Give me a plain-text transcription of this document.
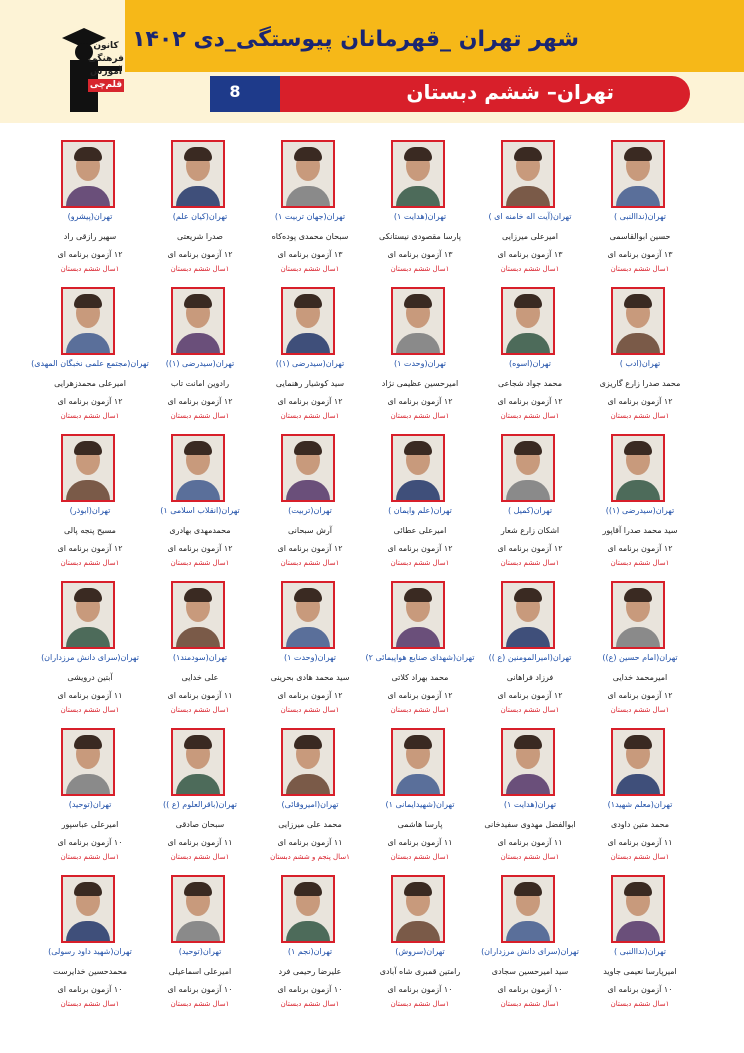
شهر تهران _قهرمانان پیوستگی_دی ۱۴۰۲
کانون
فرهنگی
آموزش
قلم‌چی	تهران– ششم دبستان
8
تهران(ندا‌النبی )
حسین ابوالقاسمی
۱۳ آزمون برنامه ای
۱سال ششم دبستان
تهران(آیت اله خامنه ای )
امیرعلی میرزایی
۱۳ آزمون برنامه ای
۱سال ششم دبستان
تهران(هدایت ۱)
پارسا مقصودی نیستانکی
۱۳ آزمون برنامه ای
۱سال ششم دبستان
تهران(جهان تربیت ۱)
سبحان محمدی پوده‌کاه
۱۳ آزمون برنامه ای
۱سال ششم دبستان
تهران(کیان علم)
صدرا شریعتی
۱۲ آزمون برنامه ای
۱سال ششم دبستان
تهران(پیشرو)
سهیر رازقی راد
۱۲ آزمون برنامه ای
۱سال ششم دبستان
تهران(ادب )
محمد صدرا زارع گاریزی
۱۲ آزمون برنامه ای
۱سال ششم دبستان
تهران(اسوه)
محمد جواد شجاعی
۱۲ آزمون برنامه ای
۱سال ششم دبستان
تهران(وحدت ۱)
امیرحسین عظیمی نژاد
۱۲ آزمون برنامه ای
۱سال ششم دبستان
تهران(سیدرضی (۱))
سید کوشیار رهنمایی
۱۲ آزمون برنامه ای
۱سال ششم دبستان
تهران(سیدرضی (۱))
رادوین امانت تاب
۱۲ آزمون برنامه ای
۱سال ششم دبستان
تهران(مجتمع علمی نخبگان المهدی)
امیرعلی محمدزهرایی
۱۲ آزمون برنامه ای
۱سال ششم دبستان
تهران(سیدرضی (۱))
سید محمد صدرا آقاپور
۱۲ آزمون برنامه ای
۱سال ششم دبستان
تهران(کمیل )
اشکان زارع شعار
۱۲ آزمون برنامه ای
۱سال ششم دبستان
تهران(علم وایمان )
امیرعلی عطائی
۱۲ آزمون برنامه ای
۱سال ششم دبستان
تهران(تربیت)
آرش سبحانی
۱۲ آزمون برنامه ای
۱سال ششم دبستان
تهران(انقلاب اسلامی ۱)
محمدمهدی بهادری
۱۲ آزمون برنامه ای
۱سال ششم دبستان
تهران(ابوذر)
مسیح پنجه پالی
۱۲ آزمون برنامه ای
۱سال ششم دبستان
تهران(امام حسین (ع))
امیرمحمد خدایی
۱۲ آزمون برنامه ای
۱سال ششم دبستان
تهران(امیرالمومنین (ع ))
فرزاد فراهانی
۱۲ آزمون برنامه ای
۱سال ششم دبستان
تهران(شهدای صنایع هواپیمائی ۲)
محمد بهراد کلاتی
۱۲ آزمون برنامه ای
۱سال ششم دبستان
تهران(وحدت ۱)
سید محمد هادی بحرینی
۱۲ آزمون برنامه ای
۱سال ششم دبستان
تهران(سودمند۱)
علی خدایی
۱۱ آزمون برنامه ای
۱سال ششم دبستان
تهران(سرای دانش مرزداران)
آبتین درویشی
۱۱ آزمون برنامه ای
۱سال ششم دبستان
تهران(معلم شهید۱)
محمد متین داودی
۱۱ آزمون برنامه ای
۱سال ششم دبستان
تهران(هدایت ۱)
ابوالفضل مهدوی سفیدخانی
۱۱ آزمون برنامه ای
۱سال ششم دبستان
تهران(شهیدایمانی ۱)
پارسا هاشمی
۱۱ آزمون برنامه ای
۱سال ششم دبستان
تهران(امیروقائی)
محمد علی میرزایی
۱۱ آزمون برنامه ای
۱سال پنجم و ششم دبستان
تهران(باقرالعلوم (ع ))
سبحان صادقی
۱۱ آزمون برنامه ای
۱سال ششم دبستان
تهران(توحید)
امیرعلی عباسپور
۱۰ آزمون برنامه ای
۱سال ششم دبستان
تهران(ندا‌النبی )
امیرپارسا نعیمی جاوید
۱۰ آزمون برنامه ای
۱سال ششم دبستان
تهران(سرای دانش مرزداران)
سید امیرحسین سجادی
۱۰ آزمون برنامه ای
۱سال ششم دبستان
تهران(سروش)
رامتین قمبری شاه آبادی
۱۰ آزمون برنامه ای
۱سال ششم دبستان
تهران(نجم ۱)
علیرضا رحیمی فرد
۱۰ آزمون برنامه ای
۱سال ششم دبستان
تهران(توحید)
امیرعلی اسماعیلی
۱۰ آزمون برنامه ای
۱سال ششم دبستان
تهران(شهید داود رسولی)
محمدحسین خدایرست
۱۰ آزمون برنامه ای
۱سال ششم دبستان
